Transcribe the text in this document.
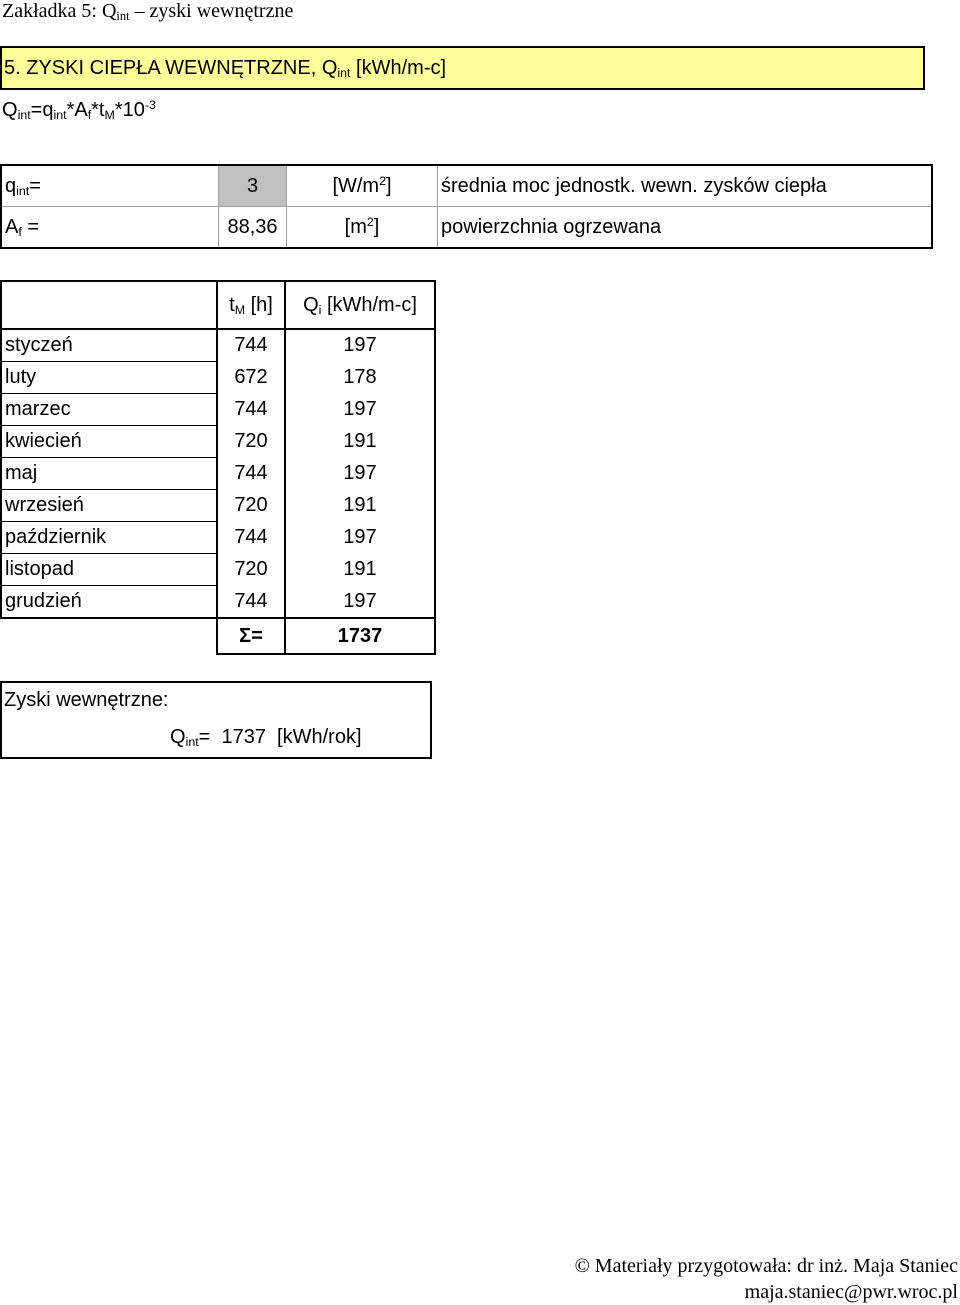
Zakładka 5: $Q_{int}$ – zyski wewnętrzne
5. ZYSKI CIEPŁA WEWNĘTRZNE, $Q_{int}$ [kWh/m-c]
$Q_{int}=q_{int}*A_f*t_M*10^{-3}$
$q_{int}=$	3	$[W/m^2]$	średnia moc jednostk. wewn. zysków ciepła
$A_f$ =	88,36	$[m^2]$	powierzchnia ogrzewana
	$t_M$ [h]	$Q_i$ [kWh/m-c]
styczeń	744	197
luty	672	178
marzec	744	197
kwiecień	720	191
maj	744	197
wrzesień	720	191
październik	744	197
listopad	720	191
grudzień	744	197
	Σ=	1737
Zyski wewnętrzne:
$Q_{int}= 1737$  [kWh/rok]
© Materiały przygotowała: dr inż. Maja Staniec
maja.staniec@pwr.wroc.pl
